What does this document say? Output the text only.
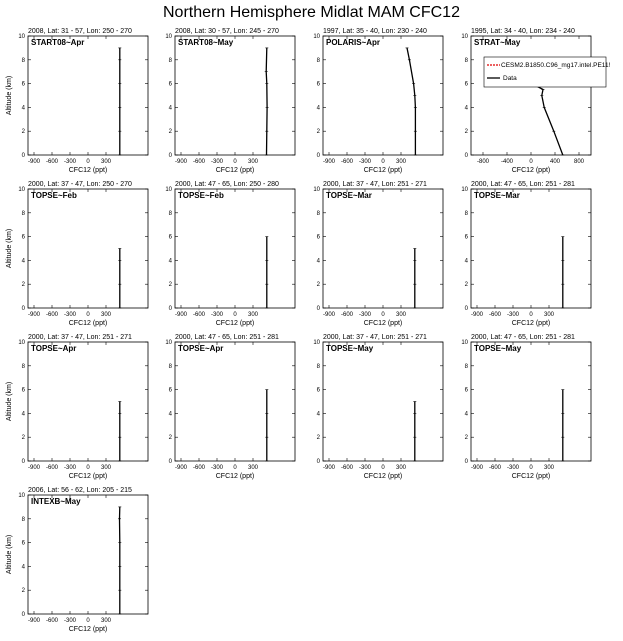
Northern Hemisphere Midlat MAM CFC12
2008, Lat: 31 - 57, Lon: 250 - 270
START08~Apr
-900 -600 -300 0 300
0
2
4
6
8
10
CFC12 (ppt)
Altitude (km)
2008, Lat: 30 - 57, Lon: 245 - 270
START08~May
-900 -600 -300 0 300
0
2
4
6
8
10
CFC12 (ppt)
1997, Lat: 35 - 40, Lon: 230 - 240
POLARIS~Apr
-900 -600 -300 0 300
0
2
4
6
8
10
CFC12 (ppt)
1995, Lat: 34 - 40, Lon: 234 - 240
STRAT~May
-800 -400	0	400 800
0
2
4
6
8
10
CFC12 (ppt)
CESM2.B1850.C96_mg17.intel.PE11!
Data
2000, Lat: 37 - 47, Lon: 250 - 270
TOPSE~Feb
-900 -600 -300 0 300
0
2
4
6
8
10
CFC12 (ppt)
Altitude (km)
2000, Lat: 47 - 65, Lon: 250 - 280
TOPSE~Feb
-900 -600 -300 0 300
0
2
4
6
8
10
CFC12 (ppt)
2000, Lat: 37 - 47, Lon: 251 - 271
TOPSE~Mar
-900 -600 -300 0 300
0
2
4
6
8
10
CFC12 (ppt)
2000, Lat: 47 - 65, Lon: 251 - 281
TOPSE~Mar
-900 -600 -300 0 300
0
2
4
6
8
10
CFC12 (ppt)
2000, Lat: 37 - 47, Lon: 251 - 271
TOPSE~Apr
-900 -600 -300 0 300
0
2
4
6
8
10
CFC12 (ppt)
Altitude (km)
2000, Lat: 47 - 65, Lon: 251 - 281
TOPSE~Apr
-900 -600 -300 0 300
0
2
4
6
8
10
CFC12 (ppt)
2000, Lat: 37 - 47, Lon: 251 - 271
TOPSE~May
-900 -600 -300 0 300
0
2
4
6
8
10
CFC12 (ppt)
2000, Lat: 47 - 65, Lon: 251 - 281
TOPSE~May
-900 -600 -300 0 300
0
2
4
6
8
10
CFC12 (ppt)
2006, Lat: 56 - 62, Lon: 205 - 215
INTEXB~May
-900 -600 -300 0 300
0
2
4
6
8
10
CFC12 (ppt)
Altitude (km)
